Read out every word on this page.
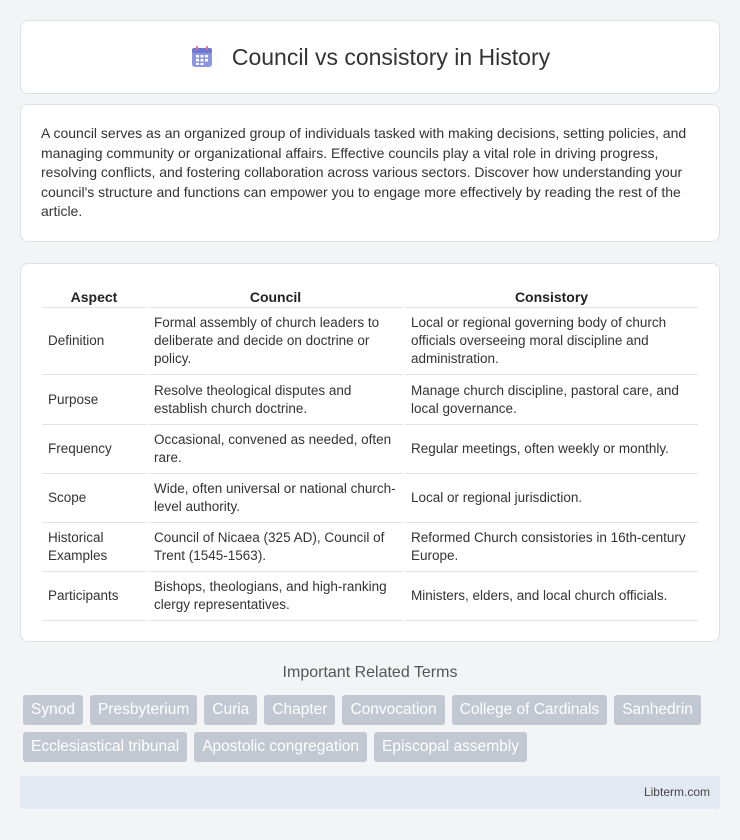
Council vs consistory in History

A council serves as an organized group of individuals tasked with making decisions, setting policies, and managing community or organizational affairs. Effective councils play a vital role in driving progress, resolving conflicts, and fostering collaboration across various sectors. Discover how understanding your council's structure and functions can empower you to engage more effectively by reading the rest of the article.

Aspect	Council	Consistory
Definition	Formal assembly of church leaders to deliberate and decide on doctrine or policy.	Local or regional governing body of church officials overseeing moral discipline and administration.
Purpose	Resolve theological disputes and establish church doctrine.	Manage church discipline, pastoral care, and local governance.
Frequency	Occasional, convened as needed, often rare.	Regular meetings, often weekly or monthly.
Scope	Wide, often universal or national church-level authority.	Local or regional jurisdiction.
Historical Examples	Council of Nicaea (325 AD), Council of Trent (1545-1563).	Reformed Church consistories in 16th-century Europe.
Participants	Bishops, theologians, and high-ranking clergy representatives.	Ministers, elders, and local church officials.
Important Related Terms
Synod	Presbyterium	Curia	Chapter	Convocation	College of Cardinals	Sanhedrin
Ecclesiastical tribunal	Apostolic congregation	Episcopal assembly
Libterm.com
